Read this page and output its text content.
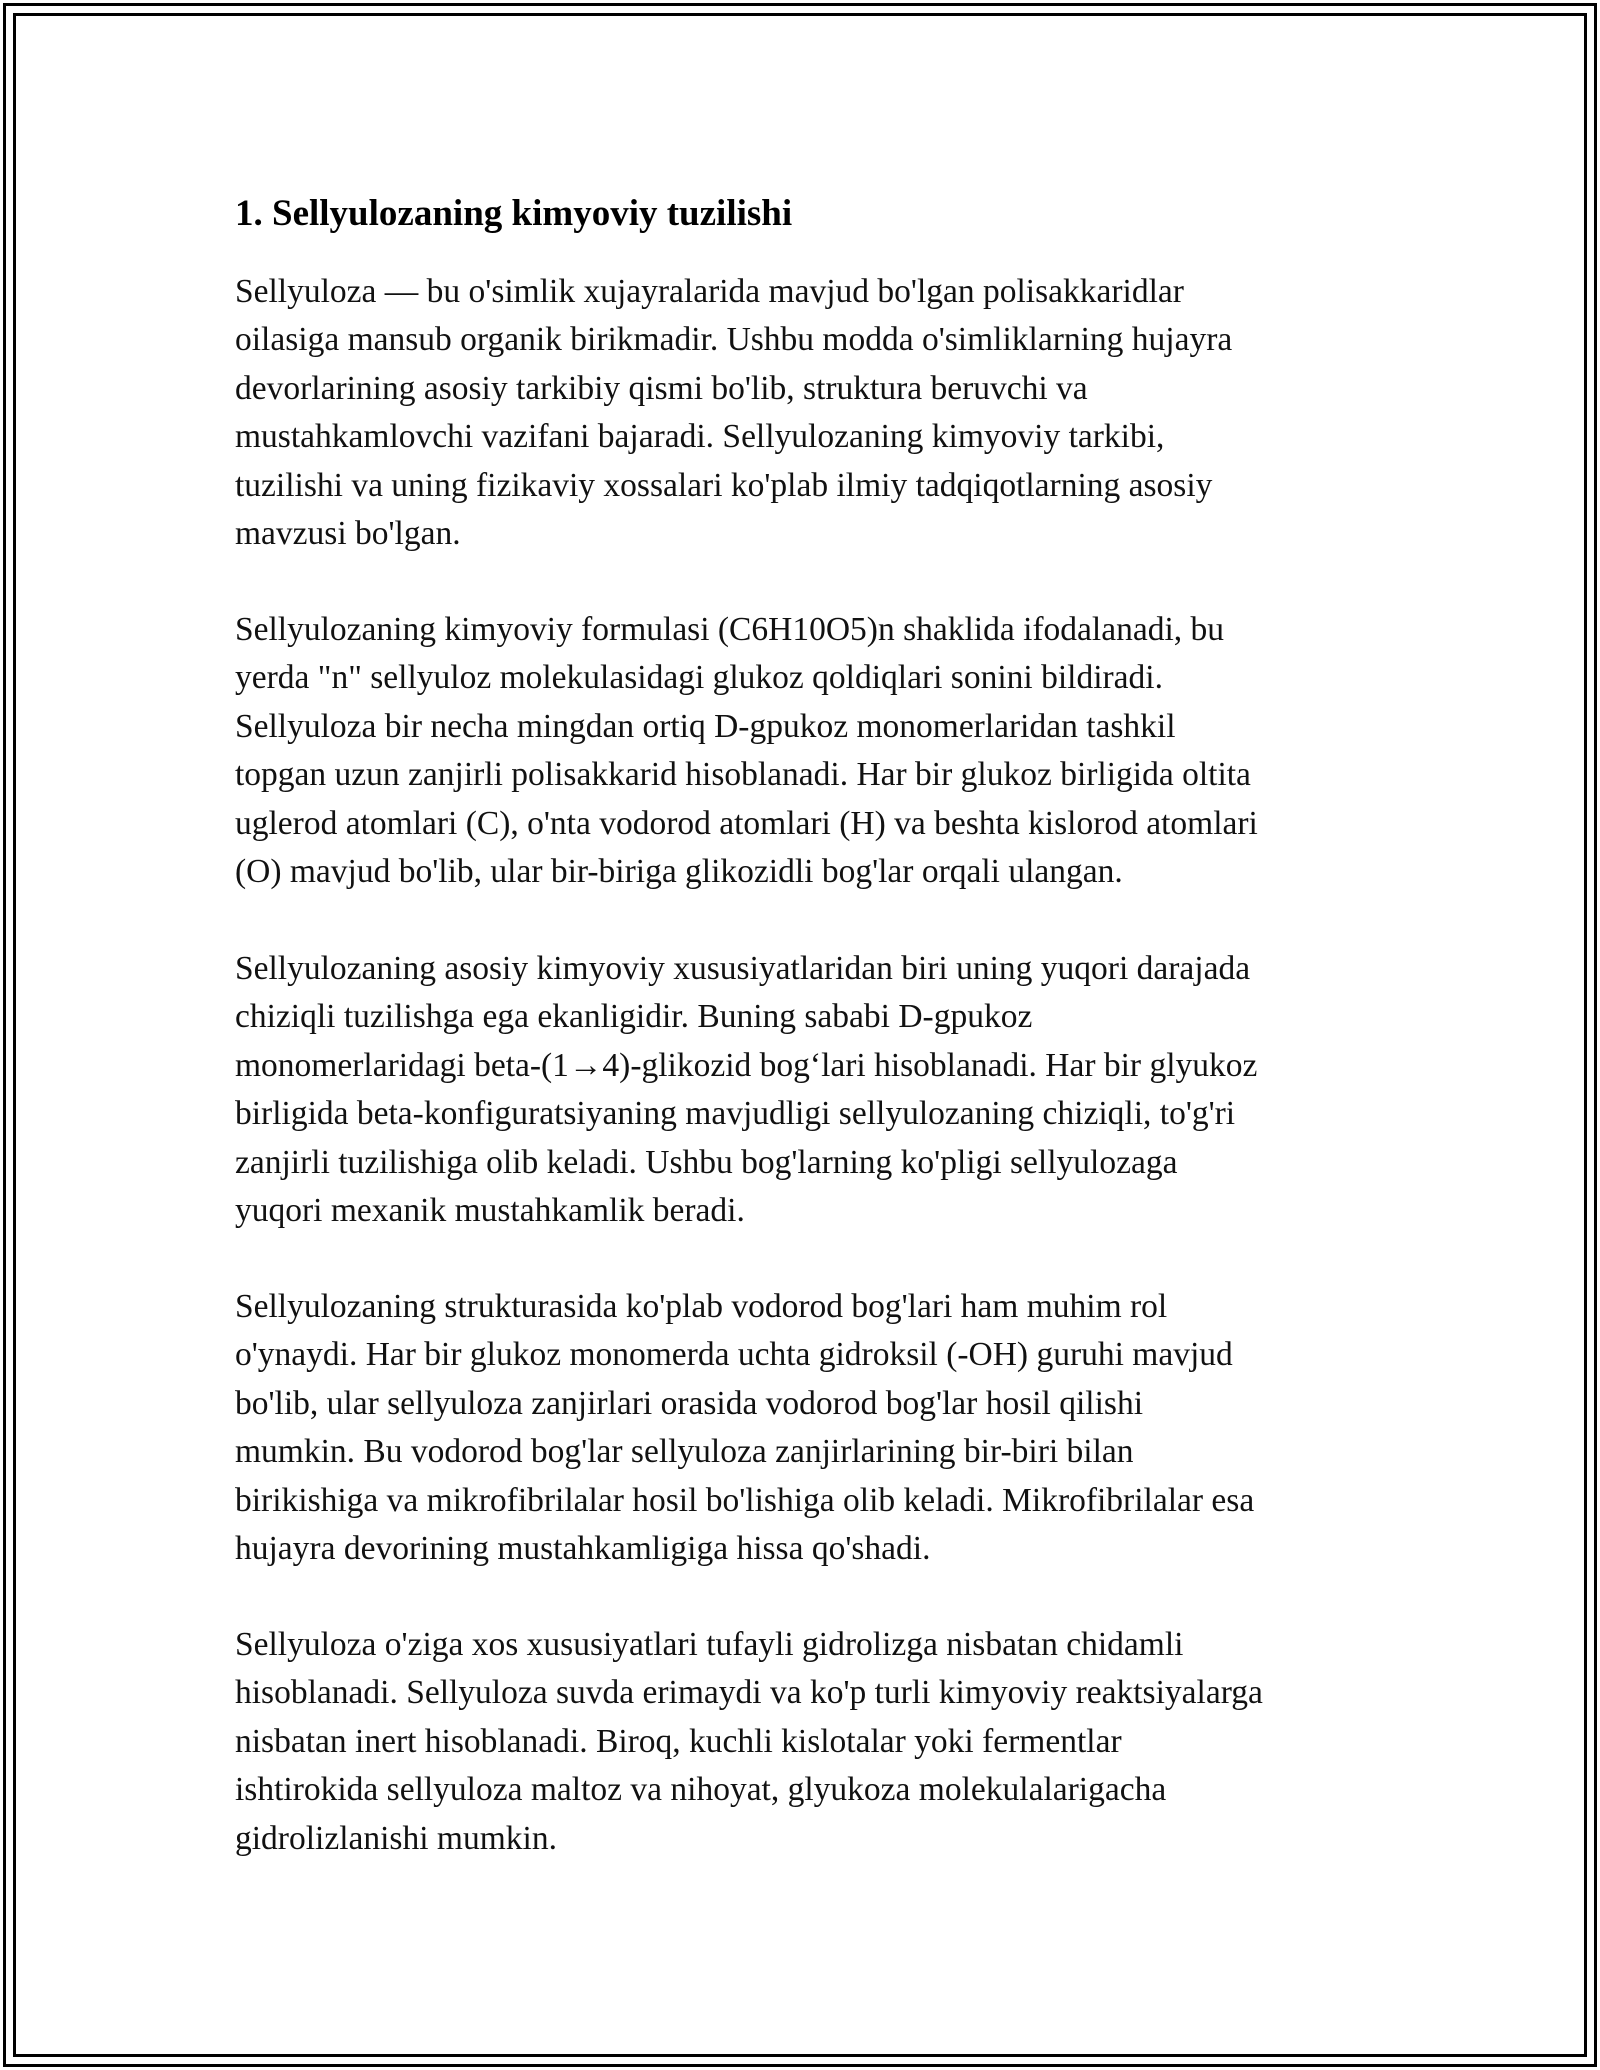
1. Sellyulozaning kimyoviy tuzilishi
Sellyuloza — bu o'simlik xujayralarida mavjud bo'lgan polisakkaridlar
oilasiga mansub organik birikmadir. Ushbu modda o'simliklarning hujayra
devorlarining asosiy tarkibiy qismi bo'lib, struktura beruvchi va
mustahkamlovchi vazifani bajaradi. Sellyulozaning kimyoviy tarkibi,
tuzilishi va uning fizikaviy xossalari ko'plab ilmiy tadqiqotlarning asosiy
mavzusi bo'lgan.
Sellyulozaning kimyoviy formulasi (C6H10O5)n shaklida ifodalanadi, bu
yerda "n" sellyuloz molekulasidagi glukoz qoldiqlari sonini bildiradi.
Sellyuloza bir necha mingdan ortiq D-gpukoz monomerlaridan tashkil
topgan uzun zanjirli polisakkarid hisoblanadi. Har bir glukoz birligida oltita
uglerod atomlari (C), o'nta vodorod atomlari (H) va beshta kislorod atomlari
(O) mavjud bo'lib, ular bir-biriga glikozidli bog'lar orqali ulangan.
Sellyulozaning asosiy kimyoviy xususiyatlaridan biri uning yuqori darajada
chiziqli tuzilishga ega ekanligidir. Buning sababi D-gpukoz
monomerlaridagi beta-(1→4)-glikozid bog‘lari hisoblanadi. Har bir glyukoz
birligida beta-konfiguratsiyaning mavjudligi sellyulozaning chiziqli, to'g'ri
zanjirli tuzilishiga olib keladi. Ushbu bog'larning ko'pligi sellyulozaga
yuqori mexanik mustahkamlik beradi.
Sellyulozaning strukturasida ko'plab vodorod bog'lari ham muhim rol
o'ynaydi. Har bir glukoz monomerda uchta gidroksil (-OH) guruhi mavjud
bo'lib, ular sellyuloza zanjirlari orasida vodorod bog'lar hosil qilishi
mumkin. Bu vodorod bog'lar sellyuloza zanjirlarining bir-biri bilan
birikishiga va mikrofibrilalar hosil bo'lishiga olib keladi. Mikrofibrilalar esa
hujayra devorining mustahkamligiga hissa qo'shadi.
Sellyuloza o'ziga xos xususiyatlari tufayli gidrolizga nisbatan chidamli
hisoblanadi. Sellyuloza suvda erimaydi va ko'p turli kimyoviy reaktsiyalarga
nisbatan inert hisoblanadi. Biroq, kuchli kislotalar yoki fermentlar
ishtirokida sellyuloza maltoz va nihoyat, glyukoza molekulalarigacha
gidrolizlanishi mumkin.
